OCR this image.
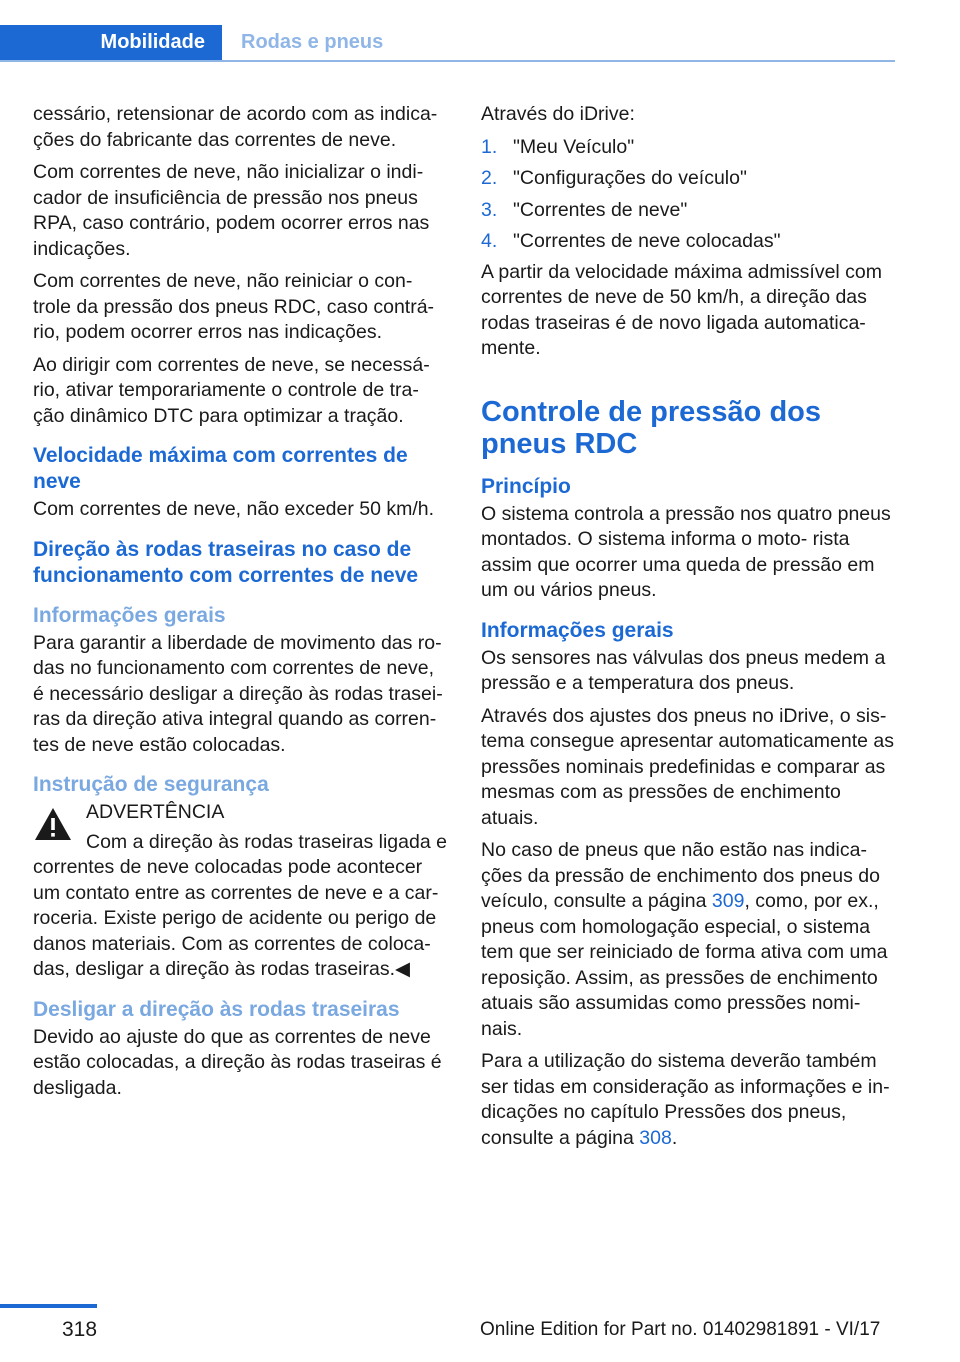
Mobilidade Rodas e pneus

cessário, retensionar de acordo com as indica‐ ções do fabricante das correntes de neve.

Com correntes de neve, não inicializar o indi‐ cador de insuficiência de pressão nos pneus RPA, caso contrário, podem ocorrer erros nas indicações.

Com correntes de neve, não reiniciar o con‐ trole da pressão dos pneus RDC, caso contrá‐ rio, podem ocorrer erros nas indicações.

Ao dirigir com correntes de neve, se necessá‐ rio, ativar temporariamente o controle de tra‐ ção dinâmico DTC para optimizar a tração.

Velocidade máxima com correntes de neve

Com correntes de neve, não exceder 50 km/h.

Direção às rodas traseiras no caso de funcionamento com correntes de neve
Informações gerais

Para garantir a liberdade de movimento das ro‐ das no funcionamento com correntes de neve, é necessário desligar a direção às rodas trasei‐ ras da direção ativa integral quando as corren‐ tes de neve estão colocadas.

Instrução de segurança
ADVERTÊNCIA

Com a direção às rodas traseiras ligada e correntes de neve colocadas pode acontecer um contato entre as correntes de neve e a car‐ roceria. Existe perigo de acidente ou perigo de danos materiais. Com as correntes de coloca‐ das, desligar a direção às rodas traseiras.◀

Desligar a direção às rodas traseiras

Devido ao ajuste do que as correntes de neve estão colocadas, a direção às rodas traseiras é desligada.

Através do iDrive:

1. "Meu Veículo"
2. "Configurações do veículo"
3. "Correntes de neve"
4. "Correntes de neve colocadas"

A partir da velocidade máxima admissível com correntes de neve de 50 km/h, a direção das rodas traseiras é de novo ligada automatica‐ mente.

Controle de pressão dos pneus RDC
Princípio

O sistema controla a pressão nos quatro pneus montados. O sistema informa o moto‐ rista assim que ocorrer uma queda de pressão em um ou vários pneus.

Informações gerais

Os sensores nas válvulas dos pneus medem a pressão e a temperatura dos pneus.

Através dos ajustes dos pneus no iDrive, o sis‐ tema consegue apresentar automaticamente as pressões nominais predefinidas e comparar as mesmas com as pressões de enchimento atuais.

No caso de pneus que não estão nas indica‐ ções da pressão de enchimento dos pneus do veículo, consulte a página 309, como, por ex., pneus com homologação especial, o sistema tem que ser reiniciado de forma ativa com uma reposição. Assim, as pressões de enchimento atuais são assumidas como pressões nomi‐ nais.

Para a utilização do sistema deverão também ser tidas em consideração as informações e in‐ dicações no capítulo Pressões dos pneus, consulte a página 308.

318	Online Edition for Part no. 01402981891 - VI/17
